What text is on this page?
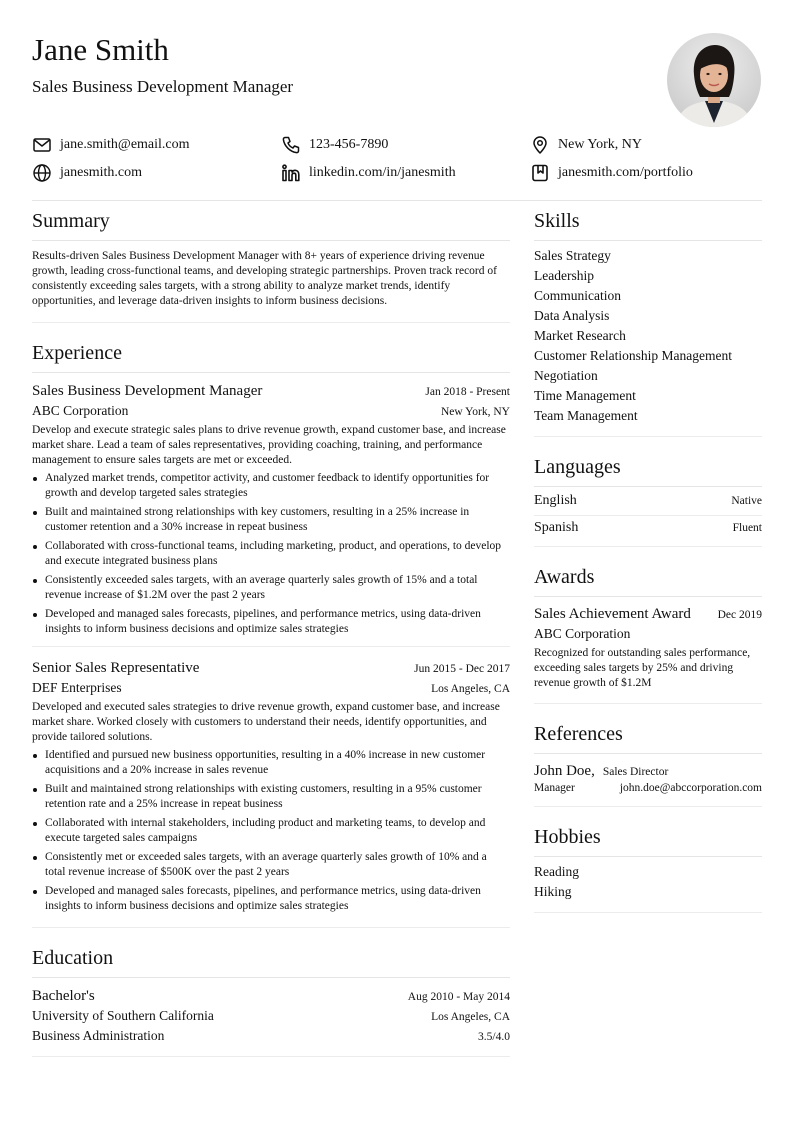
Jane Smith
Sales Business Development Manager
jane.smith@email.com	123-456-7890	New York, NY
janesmith.com	linkedin.com/in/janesmith	janesmith.com/portfolio
Summary

Results-driven Sales Business Development Manager with 8+ years of experience driving revenue growth, leading cross-functional teams, and developing strategic partnerships. Proven track record of consistently exceeding sales targets, with a strong ability to analyze market trends, identify opportunities, and leverage data-driven insights to inform business decisions.

Experience
Sales Business Development Manager	Jan 2018 - Present
ABC Corporation	New York, NY

Develop and execute strategic sales plans to drive revenue growth, expand customer base, and increase market share. Lead a team of sales representatives, providing coaching, training, and performance management to ensure sales targets are met or exceeded.

Analyzed market trends, competitor activity, and customer feedback to identify opportunities for growth and develop targeted sales strategies
Built and maintained strong relationships with key customers, resulting in a 25% increase in customer retention and a 30% increase in repeat business
Collaborated with cross-functional teams, including marketing, product, and operations, to develop and execute integrated business plans
Consistently exceeded sales targets, with an average quarterly sales growth of 15% and a total revenue increase of $1.2M over the past 2 years
Developed and managed sales forecasts, pipelines, and performance metrics, using data-driven insights to inform business decisions and optimize sales strategies
Senior Sales Representative	Jun 2015 - Dec 2017
DEF Enterprises	Los Angeles, CA

Developed and executed sales strategies to drive revenue growth, expand customer base, and increase market share. Worked closely with customers to understand their needs, identify opportunities, and provide tailored solutions.

Identified and pursued new business opportunities, resulting in a 40% increase in new customer acquisitions and a 20% increase in sales revenue
Built and maintained strong relationships with existing customers, resulting in a 95% customer retention rate and a 25% increase in repeat business
Collaborated with internal stakeholders, including product and marketing teams, to develop and execute targeted sales campaigns
Consistently met or exceeded sales targets, with an average quarterly sales growth of 10% and a total revenue increase of $500K over the past 2 years
Developed and managed sales forecasts, pipelines, and performance metrics, using data-driven insights to inform business decisions and optimize sales strategies
Education
Bachelor's	Aug 2010 - May 2014
University of Southern California	Los Angeles, CA
Business Administration	3.5/4.0
Skills
Sales Strategy
Leadership
Communication
Data Analysis
Market Research
Customer Relationship Management
Negotiation
Time Management
Team Management
Languages
English	Native
Spanish	Fluent
Awards
Sales Achievement Award Dec 2019
ABC Corporation

Recognized for outstanding sales performance, exceeding sales targets by 25% and driving revenue growth of $1.2M

References
John Doe, Sales Director
Manager	john.doe@abccorporation.com
Hobbies
Reading
Hiking
